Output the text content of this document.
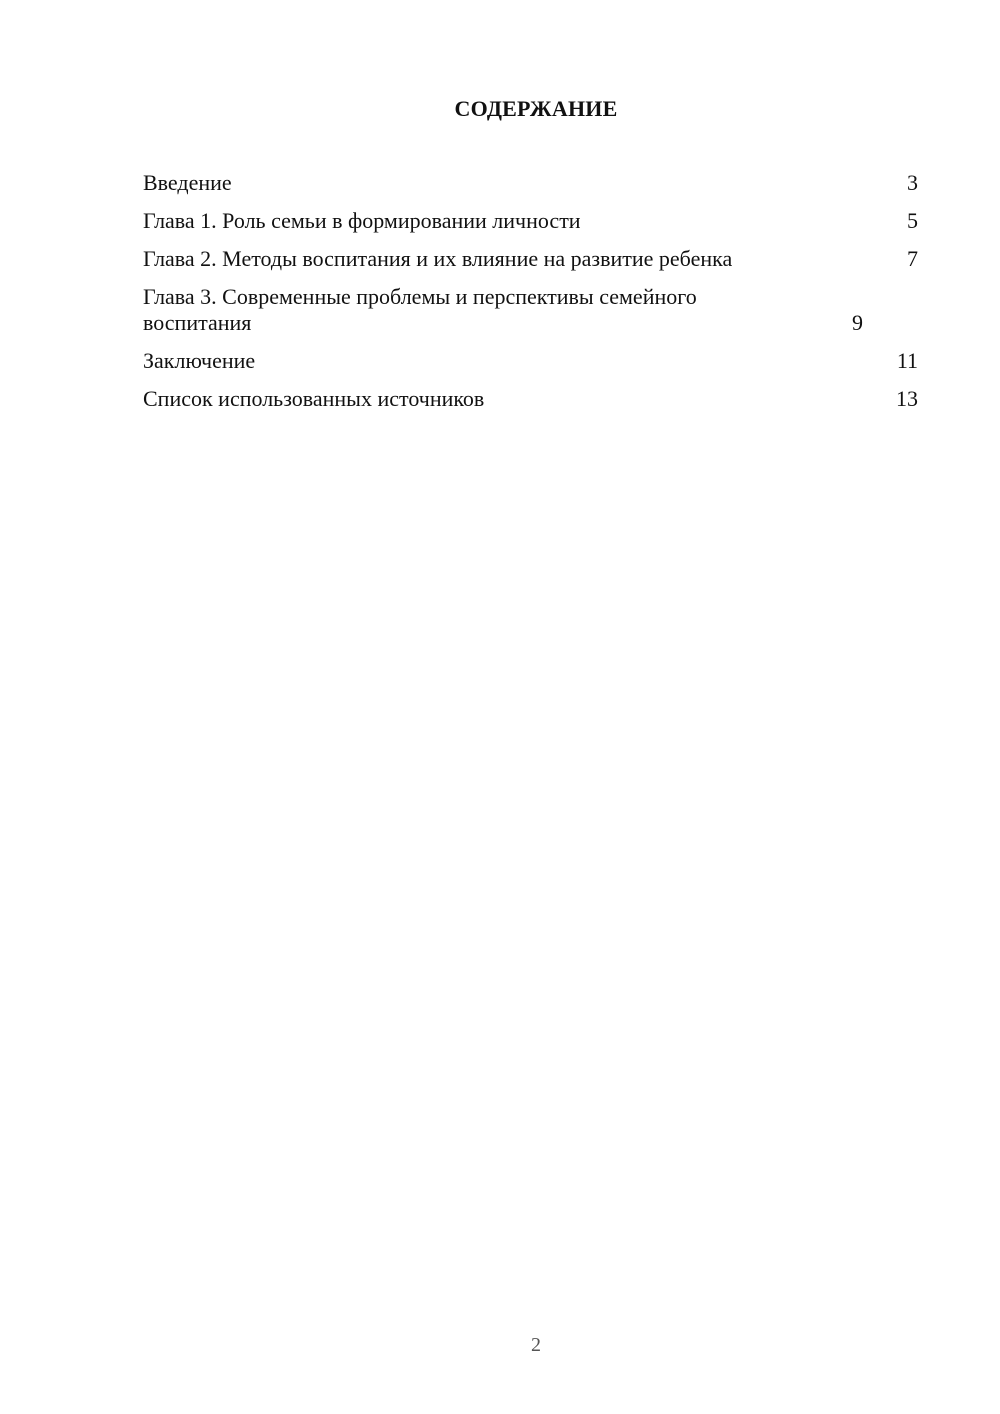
СОДЕРЖАНИЕ
Введение	3
Глава 1. Роль семьи в формировании личности	5
Глава 2. Методы воспитания и их влияние на развитие ребенка	7
Глава 3. Современные проблемы и перспективы семейного воспитания	9
Заключение	11
Список использованных источников	13
2
